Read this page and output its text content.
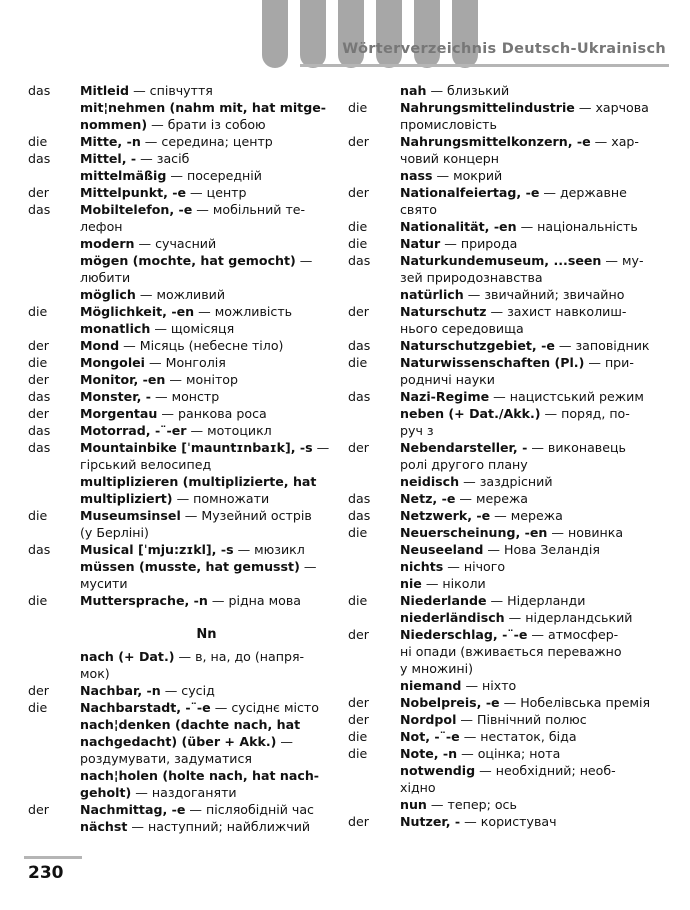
Wörterverzeichnis Deutsch-Ukrainisch
das	Mitleid — співчуття
mit¦nehmen (nahm mit, hat mitge-
nommen) — брати із собою
die	Mitte, -n — середина; центр
das	Mittel, - — засіб
mittelmäßig — посередній
der	Mittelpunkt, -e — центр
das	Mobiltelefon, -e — мобільний те-
лефон
modern — сучасний
mögen (mochte, hat gemocht) —
любити
möglich — можливий
die	Möglichkeit, -en — можливість
monatlich — щомісяця
der	Mond — Місяць (небесне тіло)
die	Mongolei — Монголія
der	Monitor, -en — монітор
das	Monster, - — монстр
der	Morgentau — ранкова роса
das	Motorrad, -¨-er — мотоцикл
das	Mountainbike [ˈmauntɪnbaɪk], -s —
гірський велосипед
multiplizieren (multiplizierte, hat
multipliziert) — помножати
die	Museumsinsel — Музейний острів
(у Берліні)
das	Musical [ˈmju:zɪkl], -s — мюзикл
müssen (musste, hat gemusst) —
мусити
die	Muttersprache, -n — рідна мова
Nn
nach (+ Dat.) — в, на, до (напря-
мок)
der	Nachbar, -n — сусід
die	Nachbarstadt, -¨-e — сусіднє місто
nach¦denken (dachte nach, hat
nachgedacht) (über + Akk.) —
роздумувати, задуматися
nach¦holen (holte nach, hat nach-
geholt) — наздоганяти
der	Nachmittag, -e — післяобідній час
nächst — наступний; найближчий
nah — близький
die	Nahrungsmittelindustrie — харчова
промисловість
der	Nahrungsmittelkonzern, -e — хар-
човий концерн
nass — мокрий
der	Nationalfeiertag, -e — державне
свято
die	Nationalität, -en — національність
die	Natur — природа
das	Naturkundemuseum, ...seen — му-
зей природознавства
natürlich — звичайний; звичайно
der	Naturschutz — захист навколиш-
нього середовища
das	Naturschutzgebiet, -e — заповідник
die	Naturwissenschaften (Pl.) — при-
родничі науки
das	Nazi-Regime — нацистський режим
neben (+ Dat./Akk.) — поряд, по-
руч з
der	Nebendarsteller, - — виконавець
ролі другого плану
neidisch — заздрісний
das	Netz, -e — мережа
das	Netzwerk, -e — мережа
die	Neuerscheinung, -en — новинка
Neuseeland — Нова Зеландія
nichts — нічого
nie — ніколи
die	Niederlande — Нідерланди
niederländisch — нідерландський
der	Niederschlag, -¨-e — атмосфер-
ні опади (вживається переважно
у множині)
niemand — ніхто
der	Nobelpreis, -e — Нобелівська премія
der	Nordpol — Північний полюс
die	Not, -¨-e — нестаток, біда
die	Note, -n — оцінка; нота
notwendig — необхідний; необ-
хідно
nun — тепер; ось
der	Nutzer, - — користувач
230
